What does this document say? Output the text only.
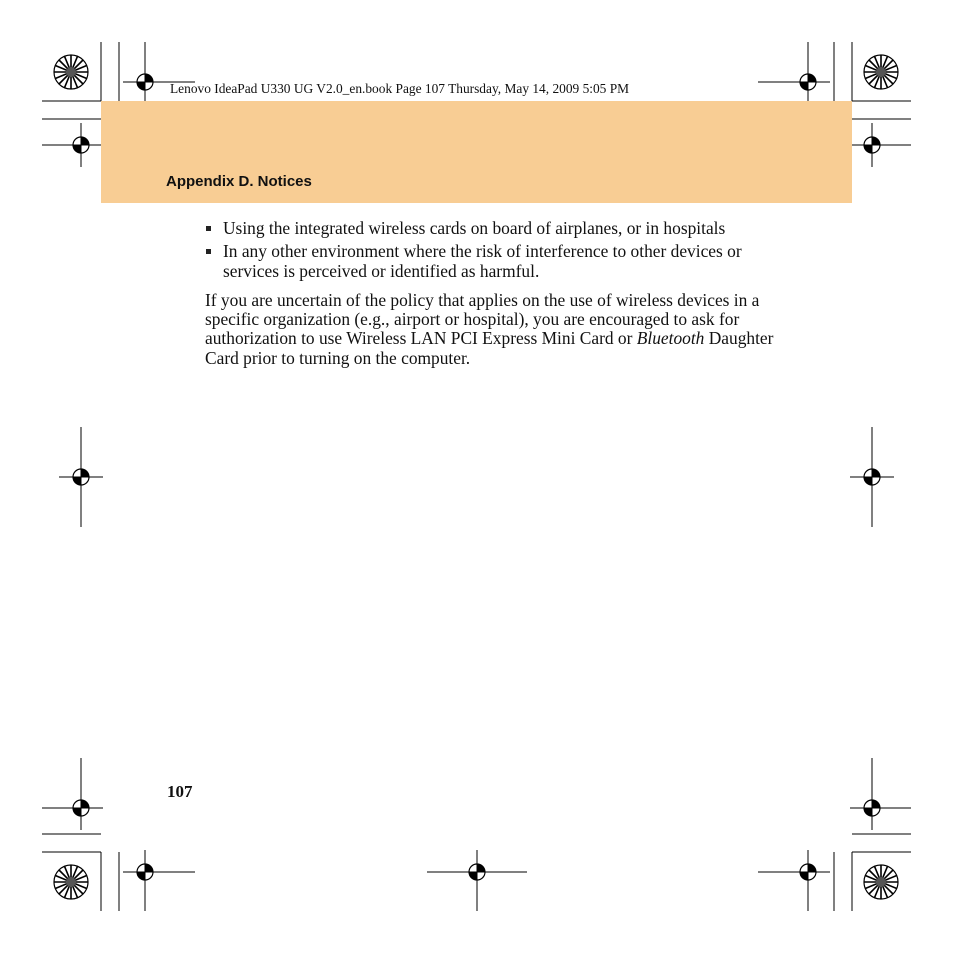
Lenovo IdeaPad U330 UG V2.0_en.book Page 107 Thursday, May 14, 2009 5:05 PM
Appendix D. Notices
Using the integrated wireless cards on board of airplanes, or in hospitals
In any other environment where the risk of interference to other devices or services is perceived or identified as harmful.

If you are uncertain of the policy that applies on the use of wireless devices in a specific organization (e.g., airport or hospital), you are encouraged to ask for authorization to use Wireless LAN PCI Express Mini Card or Bluetooth Daughter Card prior to turning on the computer.

107
